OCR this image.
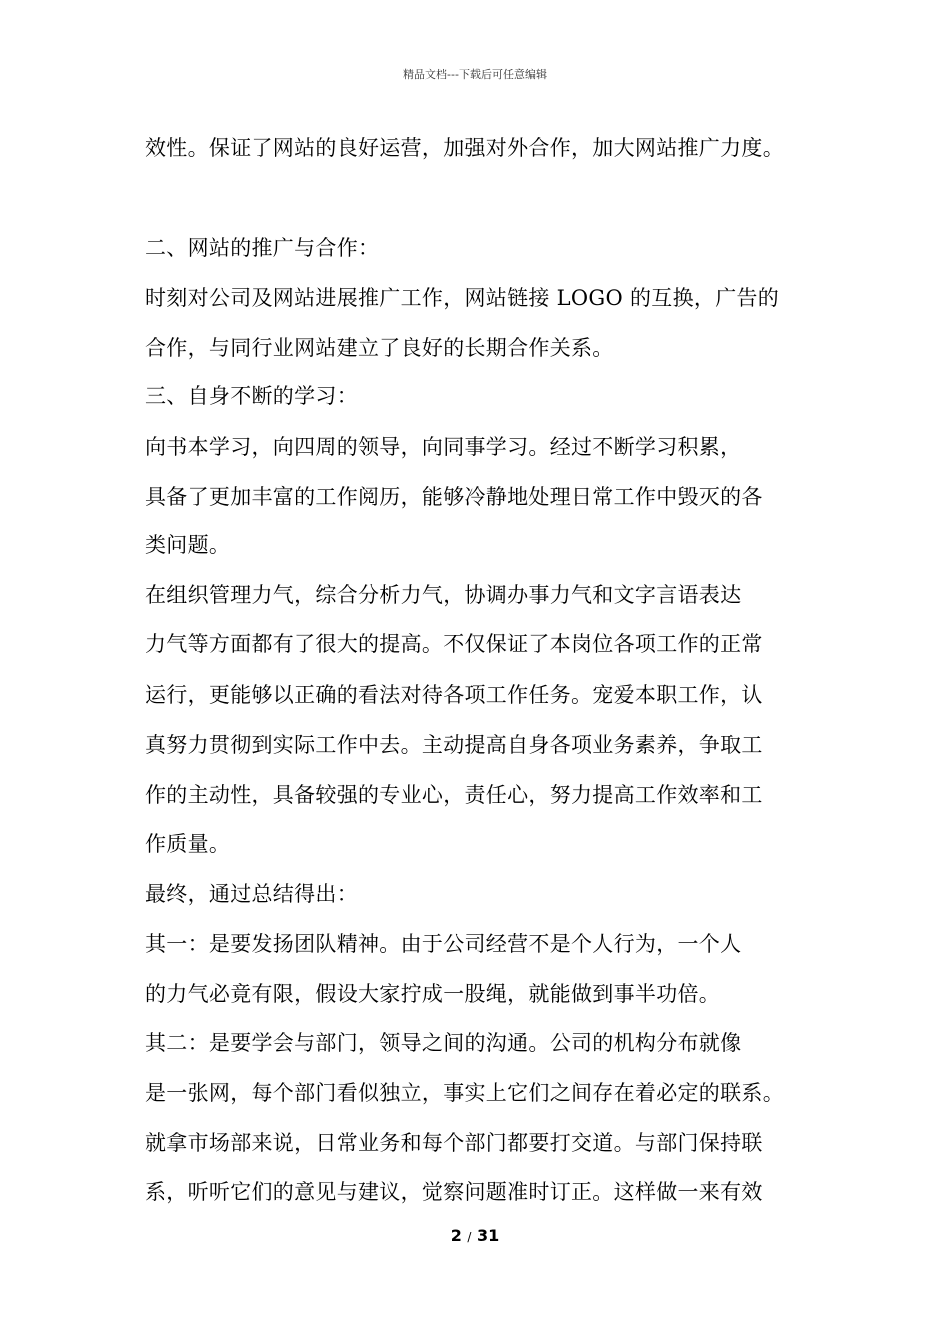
精品文档---下载后可任意编辑
效性。保证了网站的良好运营，加强对外合作，加大网站推广力度。
二、网站的推广与合作：
时刻对公司及网站进展推广工作，网站链接 LOGO 的互换，广告的
合作，与同行业网站建立了良好的长期合作关系。
三、自身不断的学习：
向书本学习，向四周的领导，向同事学习。经过不断学习积累，
具备了更加丰富的工作阅历，能够冷静地处理日常工作中毁灭的各
类问题。
在组织管理力气，综合分析力气，协调办事力气和文字言语表达
力气等方面都有了很大的提高。不仅保证了本岗位各项工作的正常
运行，更能够以正确的看法对待各项工作任务。宠爱本职工作，认
真努力贯彻到实际工作中去。主动提高自身各项业务素养，争取工
作的主动性，具备较强的专业心，责任心，努力提高工作效率和工
作质量。
最终，通过总结得出：
其一：是要发扬团队精神。由于公司经营不是个人行为，一个人
的力气必竟有限，假设大家拧成一股绳，就能做到事半功倍。
其二：是要学会与部门，领导之间的沟通。公司的机构分布就像
是一张网，每个部门看似独立，事实上它们之间存在着必定的联系。
就拿市场部来说，日常业务和每个部门都要打交道。与部门保持联
系，听听它们的意见与建议，觉察问题准时订正。这样做一来有效
2 / 31
